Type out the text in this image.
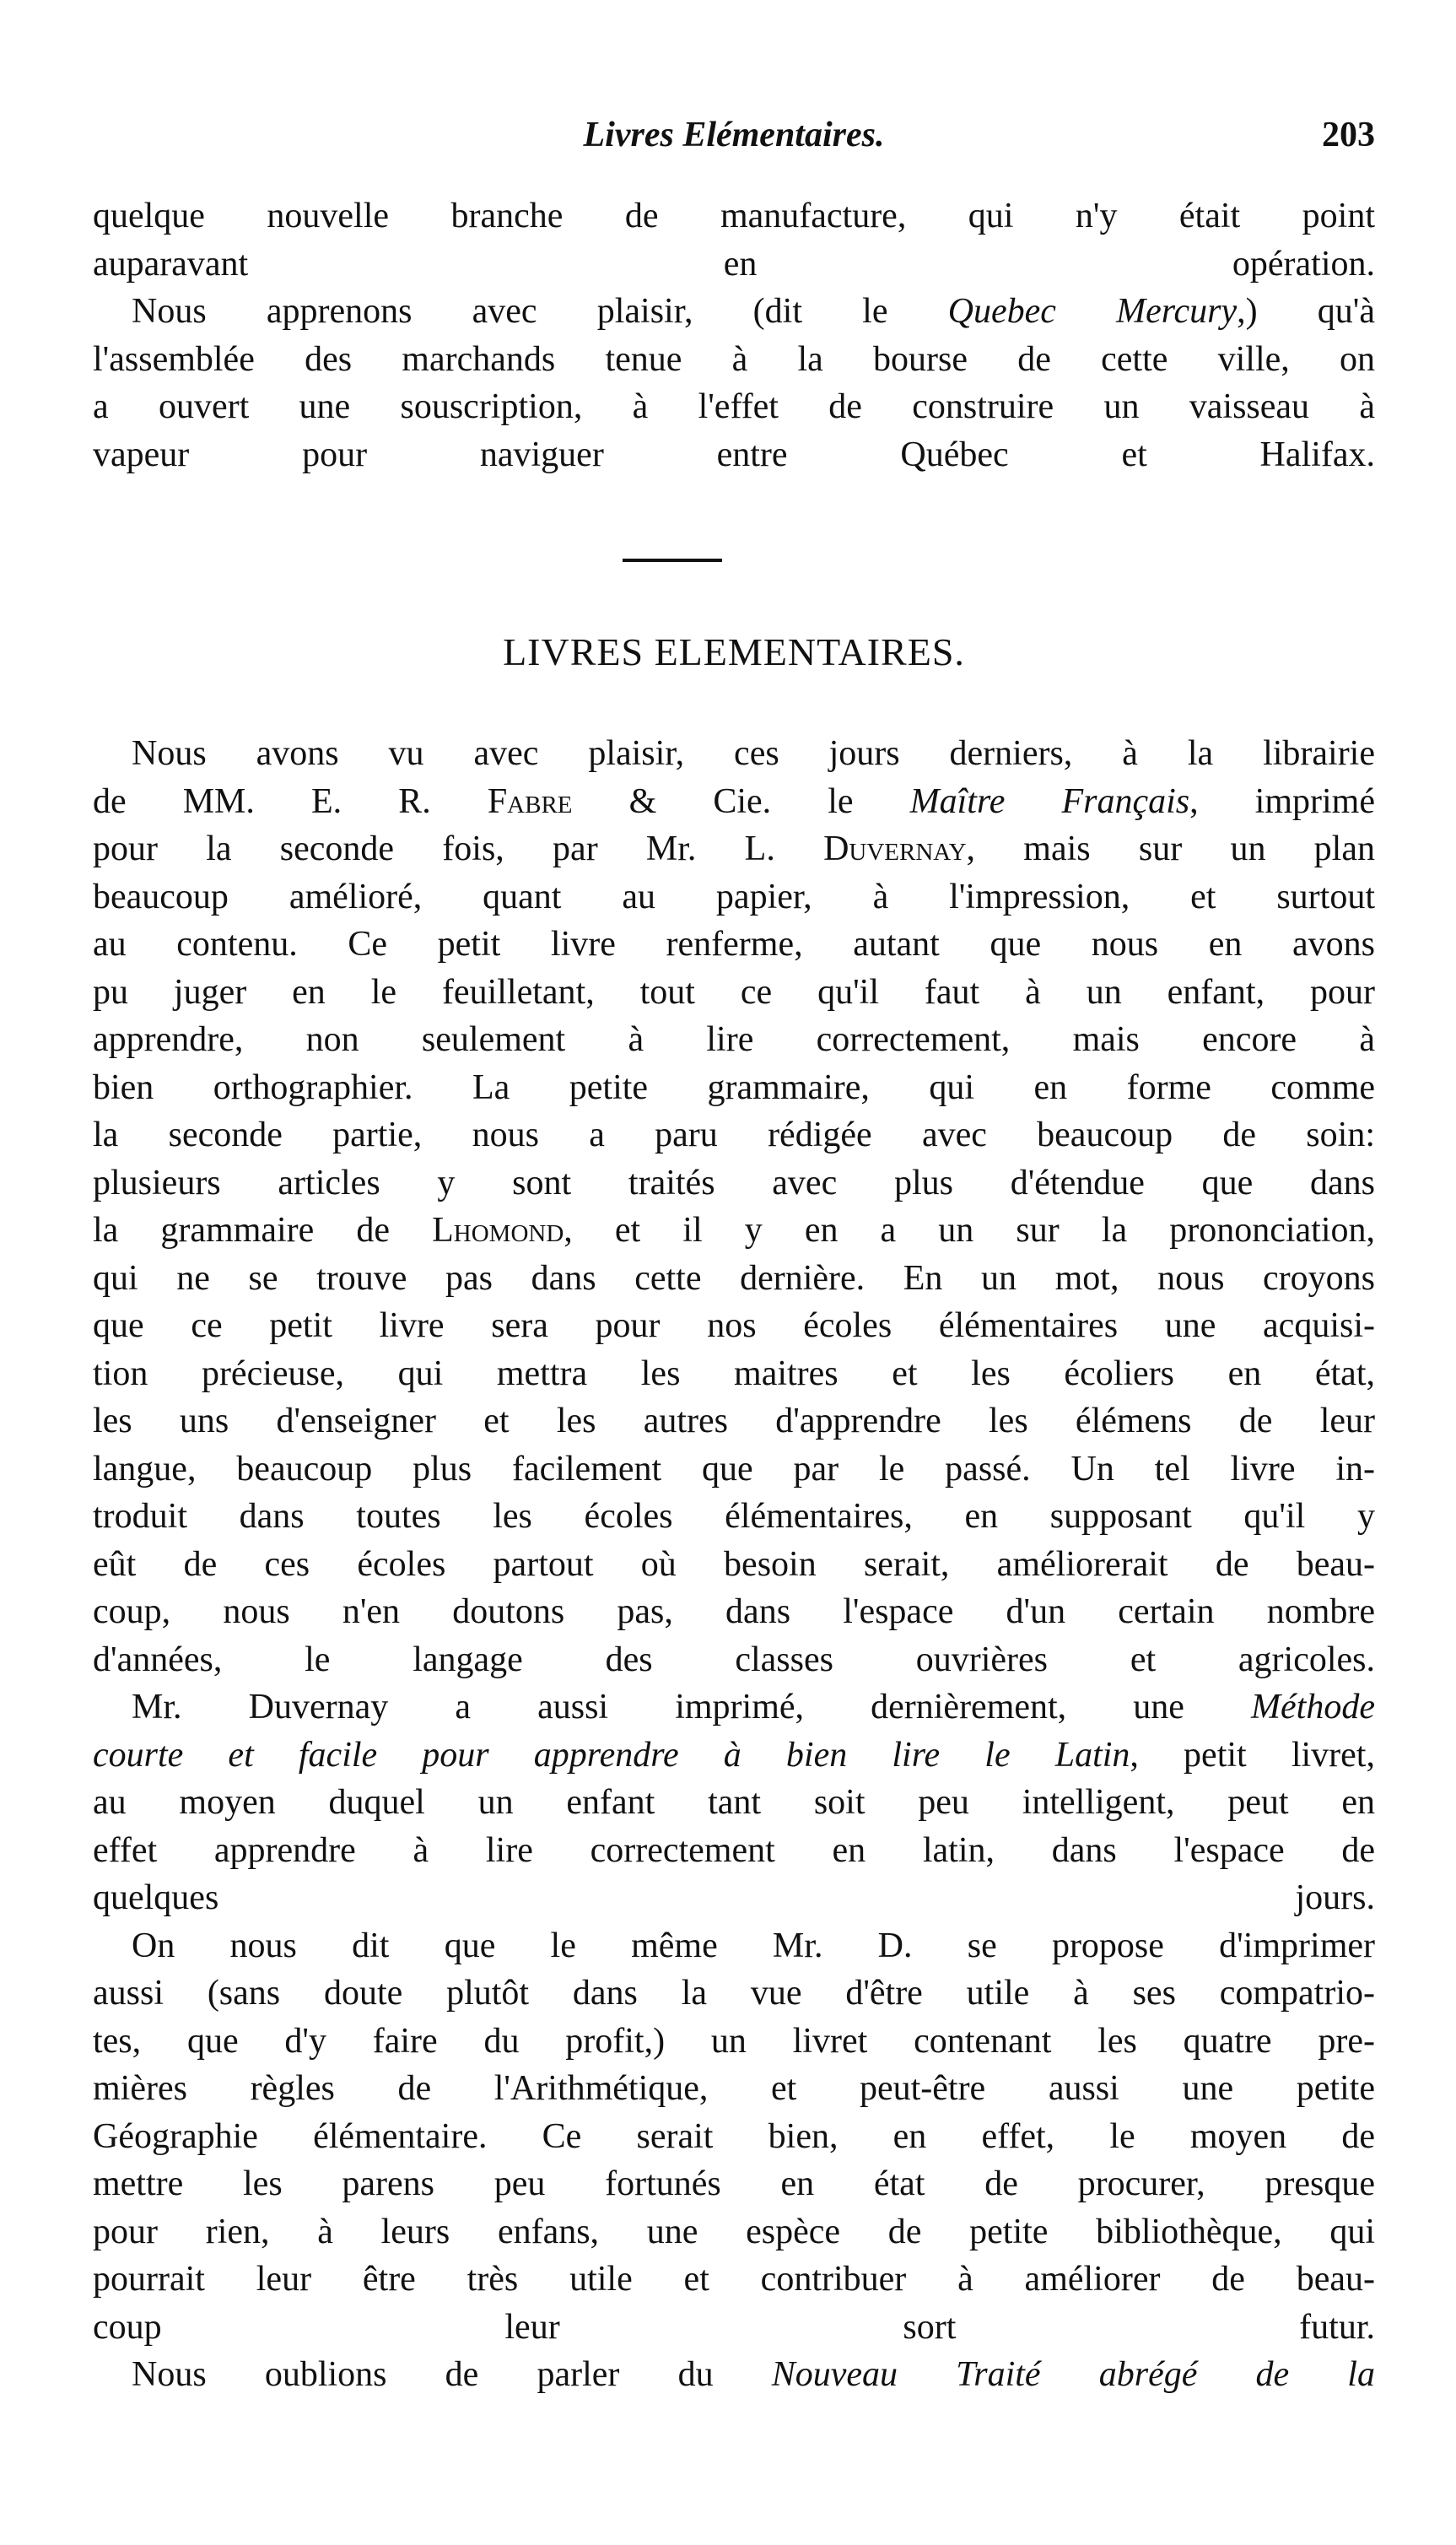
Livres Elémentaires.	203
quelque nouvelle branche de manufacture, qui n'y était point
auparavant en opération.
Nous apprenons avec plaisir, (dit le Quebec Mercury,) qu'à
l'assemblée des marchands tenue à la bourse de cette ville, on
a ouvert une souscription, à l'effet de construire un vaisseau à
vapeur pour naviguer entre Québec et Halifax.
LIVRES ELEMENTAIRES.
Nous avons vu avec plaisir, ces jours derniers, à la librairie
de MM. E. R. Fabre & Cie. le Maître Français, imprimé
pour la seconde fois, par Mr. L. Duvernay, mais sur un plan
beaucoup amélioré, quant au papier, à l'impression, et surtout
au contenu. Ce petit livre renferme, autant que nous en avons
pu juger en le feuilletant, tout ce qu'il faut à un enfant, pour
apprendre, non seulement à lire correctement, mais encore à
bien orthographier. La petite grammaire, qui en forme comme
la seconde partie, nous a paru rédigée avec beaucoup de soin:
plusieurs articles y sont traités avec plus d'étendue que dans
la grammaire de Lhomond, et il y en a un sur la prononciation,
qui ne se trouve pas dans cette dernière. En un mot, nous croyons
que ce petit livre sera pour nos écoles élémentaires une acquisi-
tion précieuse, qui mettra les maitres et les écoliers en état,
les uns d'enseigner et les autres d'apprendre les élémens de leur
langue, beaucoup plus facilement que par le passé. Un tel livre in-
troduit dans toutes les écoles élémentaires, en supposant qu'il y
eût de ces écoles partout où besoin serait, améliorerait de beau-
coup, nous n'en doutons pas, dans l'espace d'un certain nombre
d'années, le langage des classes ouvrières et agricoles.
Mr. Duvernay a aussi imprimé, dernièrement, une Méthode
courte et facile pour apprendre à bien lire le Latin, petit livret,
au moyen duquel un enfant tant soit peu intelligent, peut en
effet apprendre à lire correctement en latin, dans l'espace de
quelques jours.
On nous dit que le même Mr. D. se propose d'imprimer
aussi (sans doute plutôt dans la vue d'être utile à ses compatrio-
tes, que d'y faire du profit,) un livret contenant les quatre pre-
mières règles de l'Arithmétique, et peut-être aussi une petite
Géographie élémentaire. Ce serait bien, en effet, le moyen de
mettre les parens peu fortunés en état de procurer, presque
pour rien, à leurs enfans, une espèce de petite bibliothèque, qui
pourrait leur être très utile et contribuer à améliorer de beau-
coup leur sort futur.
Nous oublions de parler du Nouveau Traité abrégé de la
